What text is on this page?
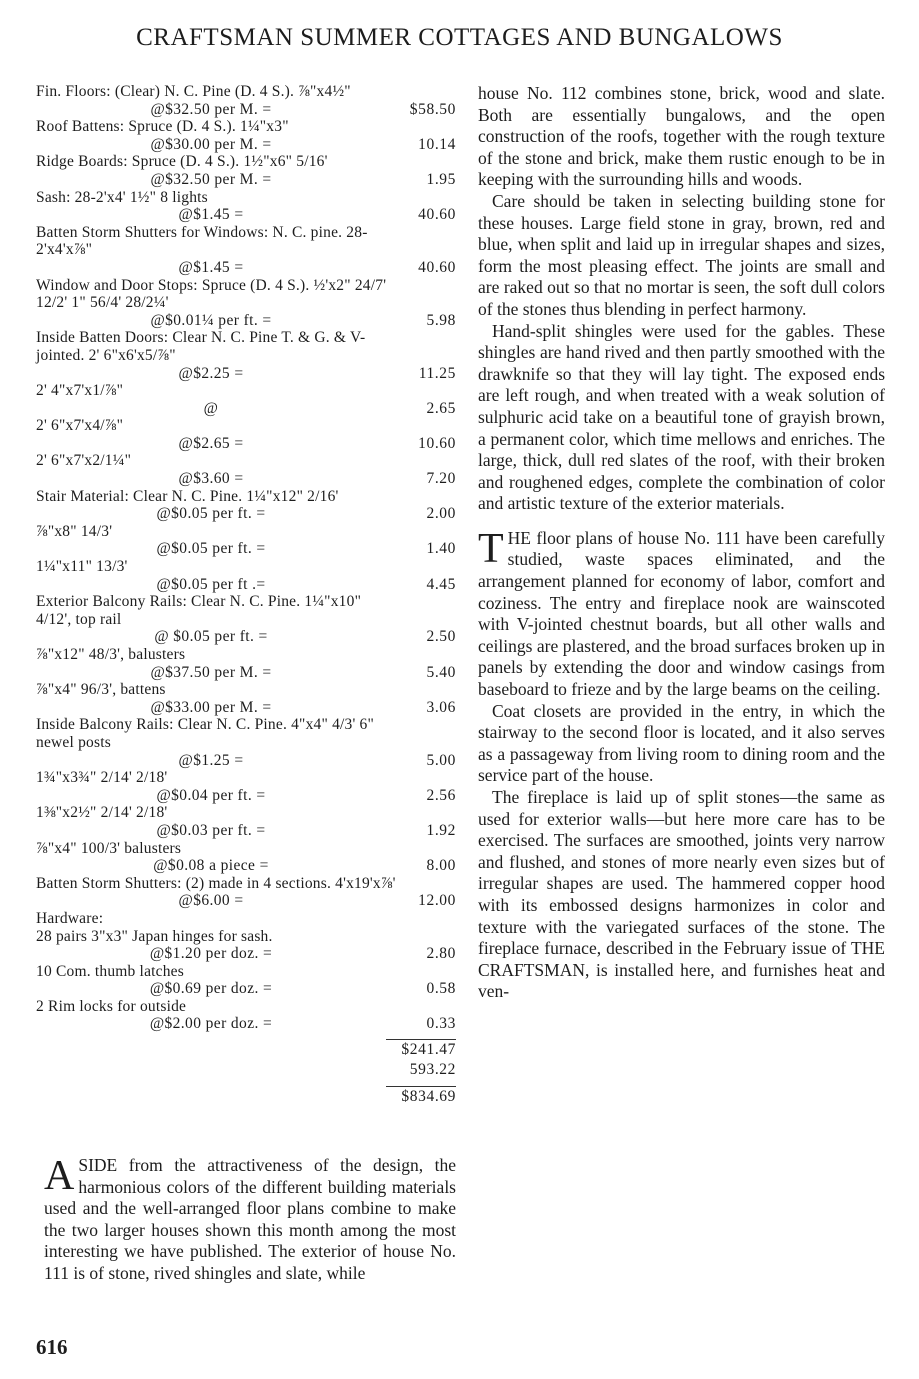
CRAFTSMAN SUMMER COTTAGES AND BUNGALOWS
Fin. Floors: (Clear) N. C. Pine (D. 4 S.). ⅞"x4½"
@$32.50 per M. =	$58.50
Roof Battens: Spruce (D. 4 S.). 1¼"x3"
@$30.00 per M. =	10.14
Ridge Boards: Spruce (D. 4 S.). 1½"x6" 5/16'
@$32.50 per M. =	1.95
Sash: 28-2'x4' 1½" 8 lights
@$1.45 =	40.60
Batten Storm Shutters for Windows: N. C. pine. 28-2'x4'x⅞"
@$1.45 =	40.60
Window and Door Stops: Spruce (D. 4 S.). ½'x2" 24/7' 12/2' 1" 56/4' 28/2¼'
@$0.01¼ per ft. =	5.98
Inside Batten Doors: Clear N. C. Pine T. & G. & V-jointed. 2' 6"x6'x5/⅞"
@$2.25 =	11.25
2' 4"x7'x1/⅞"
@	2.65
2' 6"x7'x4/⅞"
@$2.65 =	10.60
2' 6"x7'x2/1¼"
@$3.60 =	7.20
Stair Material: Clear N. C. Pine. 1¼"x12" 2/16'
@$0.05 per ft. =	2.00
⅞"x8" 14/3'
@$0.05 per ft. =	1.40
1¼"x11" 13/3'
@$0.05 per ft .=	4.45
Exterior Balcony Rails: Clear N. C. Pine. 1¼"x10" 4/12', top rail
@ $0.05 per ft. =	2.50
⅞"x12" 48/3', balusters
@$37.50 per M. =	5.40
⅞"x4" 96/3', battens
@$33.00 per M. =	3.06
Inside Balcony Rails: Clear N. C. Pine. 4"x4" 4/3' 6" newel posts
@$1.25 =	5.00
1¾"x3¾" 2/14' 2/18'
@$0.04 per ft. =	2.56
1⅜"x2½" 2/14' 2/18'
@$0.03 per ft. =	1.92
⅞"x4" 100/3' balusters
@$0.08 a piece =	8.00
Batten Storm Shutters: (2) made in 4 sections. 4'x19'x⅞'
@$6.00 =	12.00
Hardware:
28 pairs 3"x3" Japan hinges for sash.
@$1.20 per doz. =	2.80
10 Com. thumb latches
@$0.69 per doz. =	0.58
2 Rim locks for outside
@$2.00 per doz. =	0.33
$241.47
593.22
$834.69
ASIDE from the attractiveness of the design, the harmonious colors of the different building materials used and the well-arranged floor plans combine to make the two larger houses shown this month among the most interesting we have published. The exterior of house No. 111 is of stone, rived shingles and slate, while

house No. 112 combines stone, brick, wood and slate. Both are essentially bungalows, and the open construction of the roofs, together with the rough texture of the stone and brick, make them rustic enough to be in keeping with the surrounding hills and woods.

Care should be taken in selecting building stone for these houses. Large field stone in gray, brown, red and blue, when split and laid up in irregular shapes and sizes, form the most pleasing effect. The joints are small and are raked out so that no mortar is seen, the soft dull colors of the stones thus blending in perfect harmony.

Hand-split shingles were used for the gables. These shingles are hand rived and then partly smoothed with the drawknife so that they will lay tight. The exposed ends are left rough, and when treated with a weak solution of sulphuric acid take on a beautiful tone of grayish brown, a permanent color, which time mellows and enriches. The large, thick, dull red slates of the roof, with their broken and roughened edges, complete the combination of color and artistic texture of the exterior materials.

THE floor plans of house No. 111 have been carefully studied, waste spaces eliminated, and the arrangement planned for economy of labor, comfort and coziness. The entry and fireplace nook are wainscoted with V-jointed chestnut boards, but all other walls and ceilings are plastered, and the broad surfaces broken up in panels by extending the door and window casings from baseboard to frieze and by the large beams on the ceiling.

Coat closets are provided in the entry, in which the stairway to the second floor is located, and it also serves as a passageway from living room to dining room and the service part of the house.

The fireplace is laid up of split stones—the same as used for exterior walls—but here more care has to be exercised. The surfaces are smoothed, joints very narrow and flushed, and stones of more nearly even sizes but of irregular shapes are used. The hammered copper hood with its embossed designs harmonizes in color and texture with the variegated surfaces of the stone. The fireplace furnace, described in the February issue of THE CRAFTSMAN, is installed here, and furnishes heat and ven-

616
